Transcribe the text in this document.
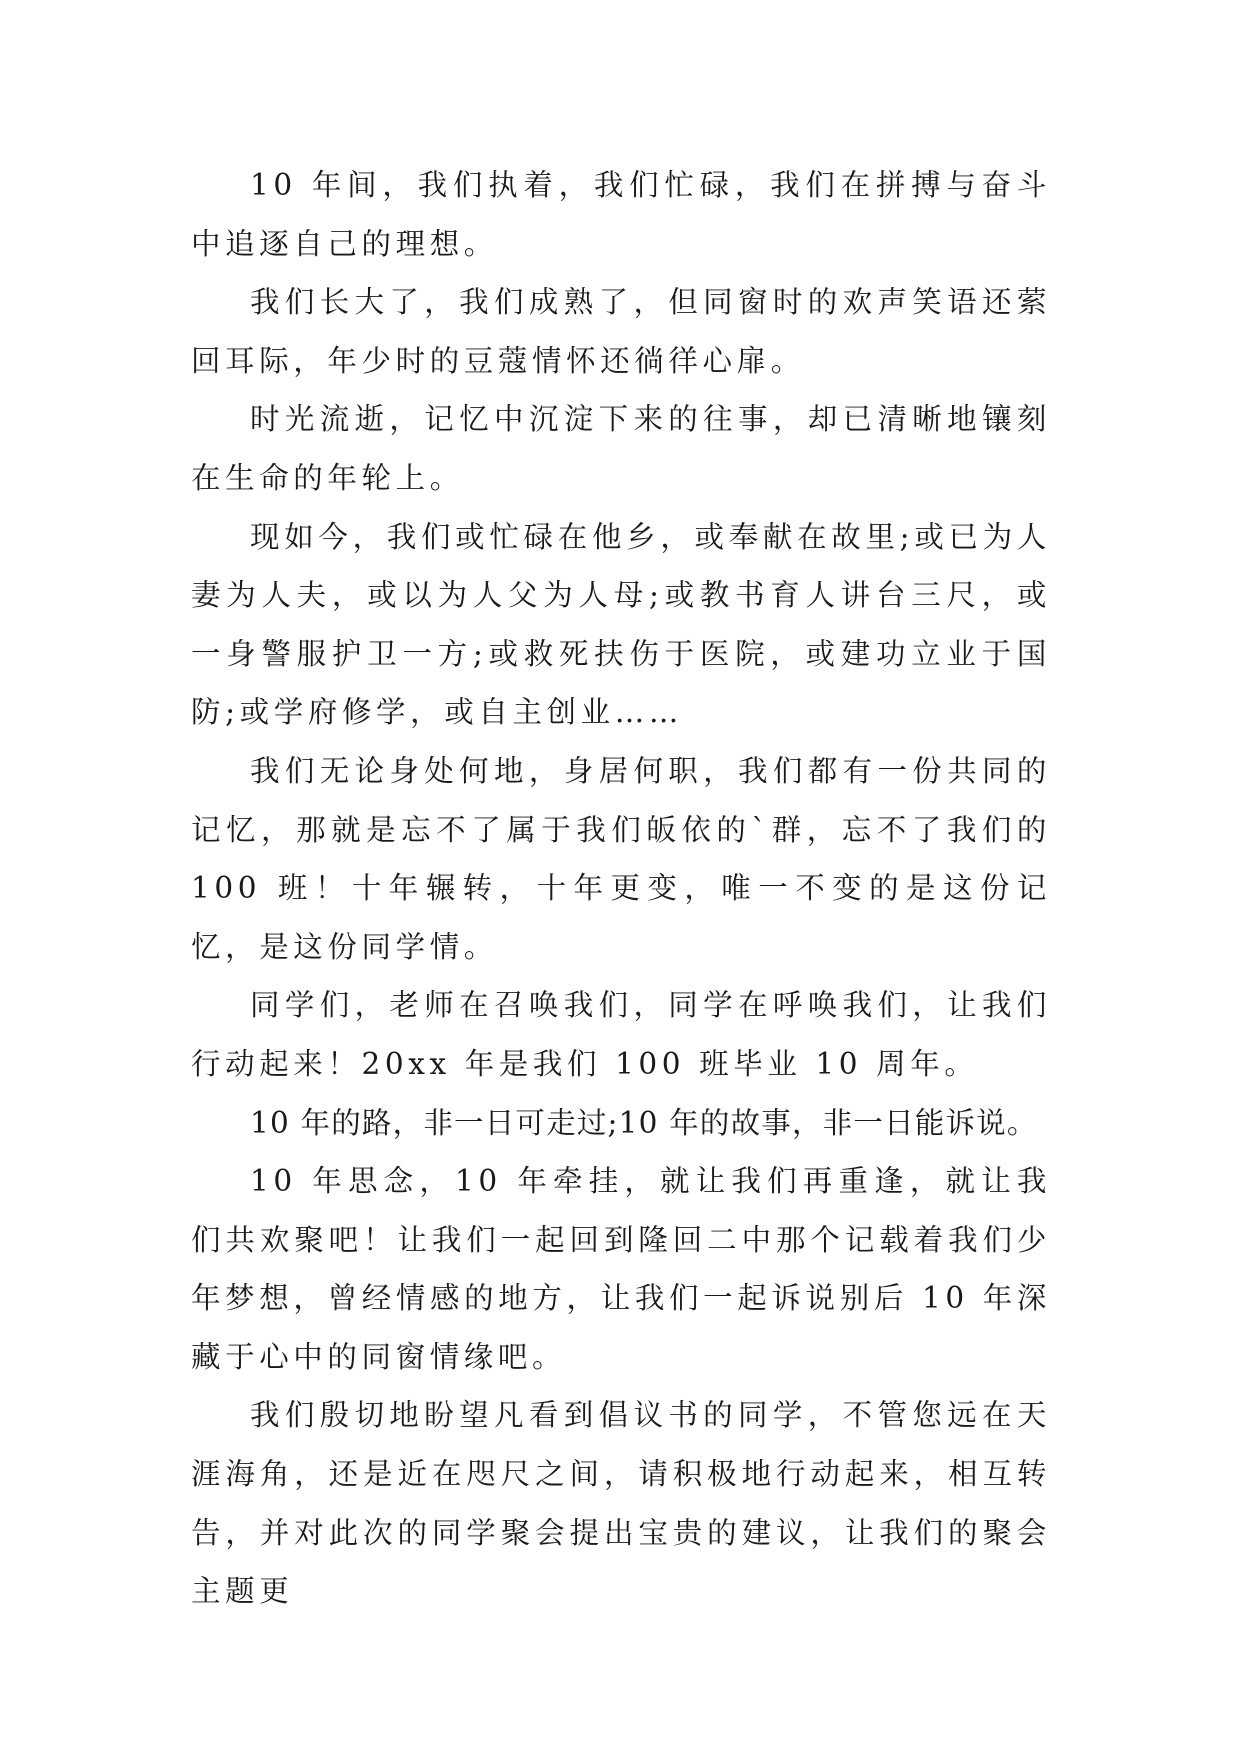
10 年间，我们执着，我们忙碌，我们在拼搏与奋斗中追逐自己的理想。

我们长大了，我们成熟了，但同窗时的欢声笑语还萦回耳际，年少时的豆蔻情怀还徜徉心扉。

时光流逝，记忆中沉淀下来的往事，却已清晰地镶刻在生命的年轮上。

现如今，我们或忙碌在他乡，或奉献在故里;或已为人妻为人夫，或以为人父为人母;或教书育人讲台三尺，或一身警服护卫一方;或救死扶伤于医院，或建功立业于国防;或学府修学，或自主创业……

我们无论身处何地，身居何职，我们都有一份共同的记忆，那就是忘不了属于我们皈依的`群，忘不了我们的 100 班！十年辗转，十年更变，唯一不变的是这份记忆，是这份同学情。

同学们，老师在召唤我们，同学在呼唤我们，让我们行动起来！20xx 年是我们 100 班毕业 10 周年。

10 年的路，非一日可走过;10 年的故事，非一日能诉说。

10 年思念，10 年牵挂，就让我们再重逢，就让我们共欢聚吧！让我们一起回到隆回二中那个记载着我们少年梦想，曾经情感的地方，让我们一起诉说别后 10 年深藏于心中的同窗情缘吧。

我们殷切地盼望凡看到倡议书的同学，不管您远在天涯海角，还是近在咫尺之间，请积极地行动起来，相互转告，并对此次的同学聚会提出宝贵的建议，让我们的聚会主题更
